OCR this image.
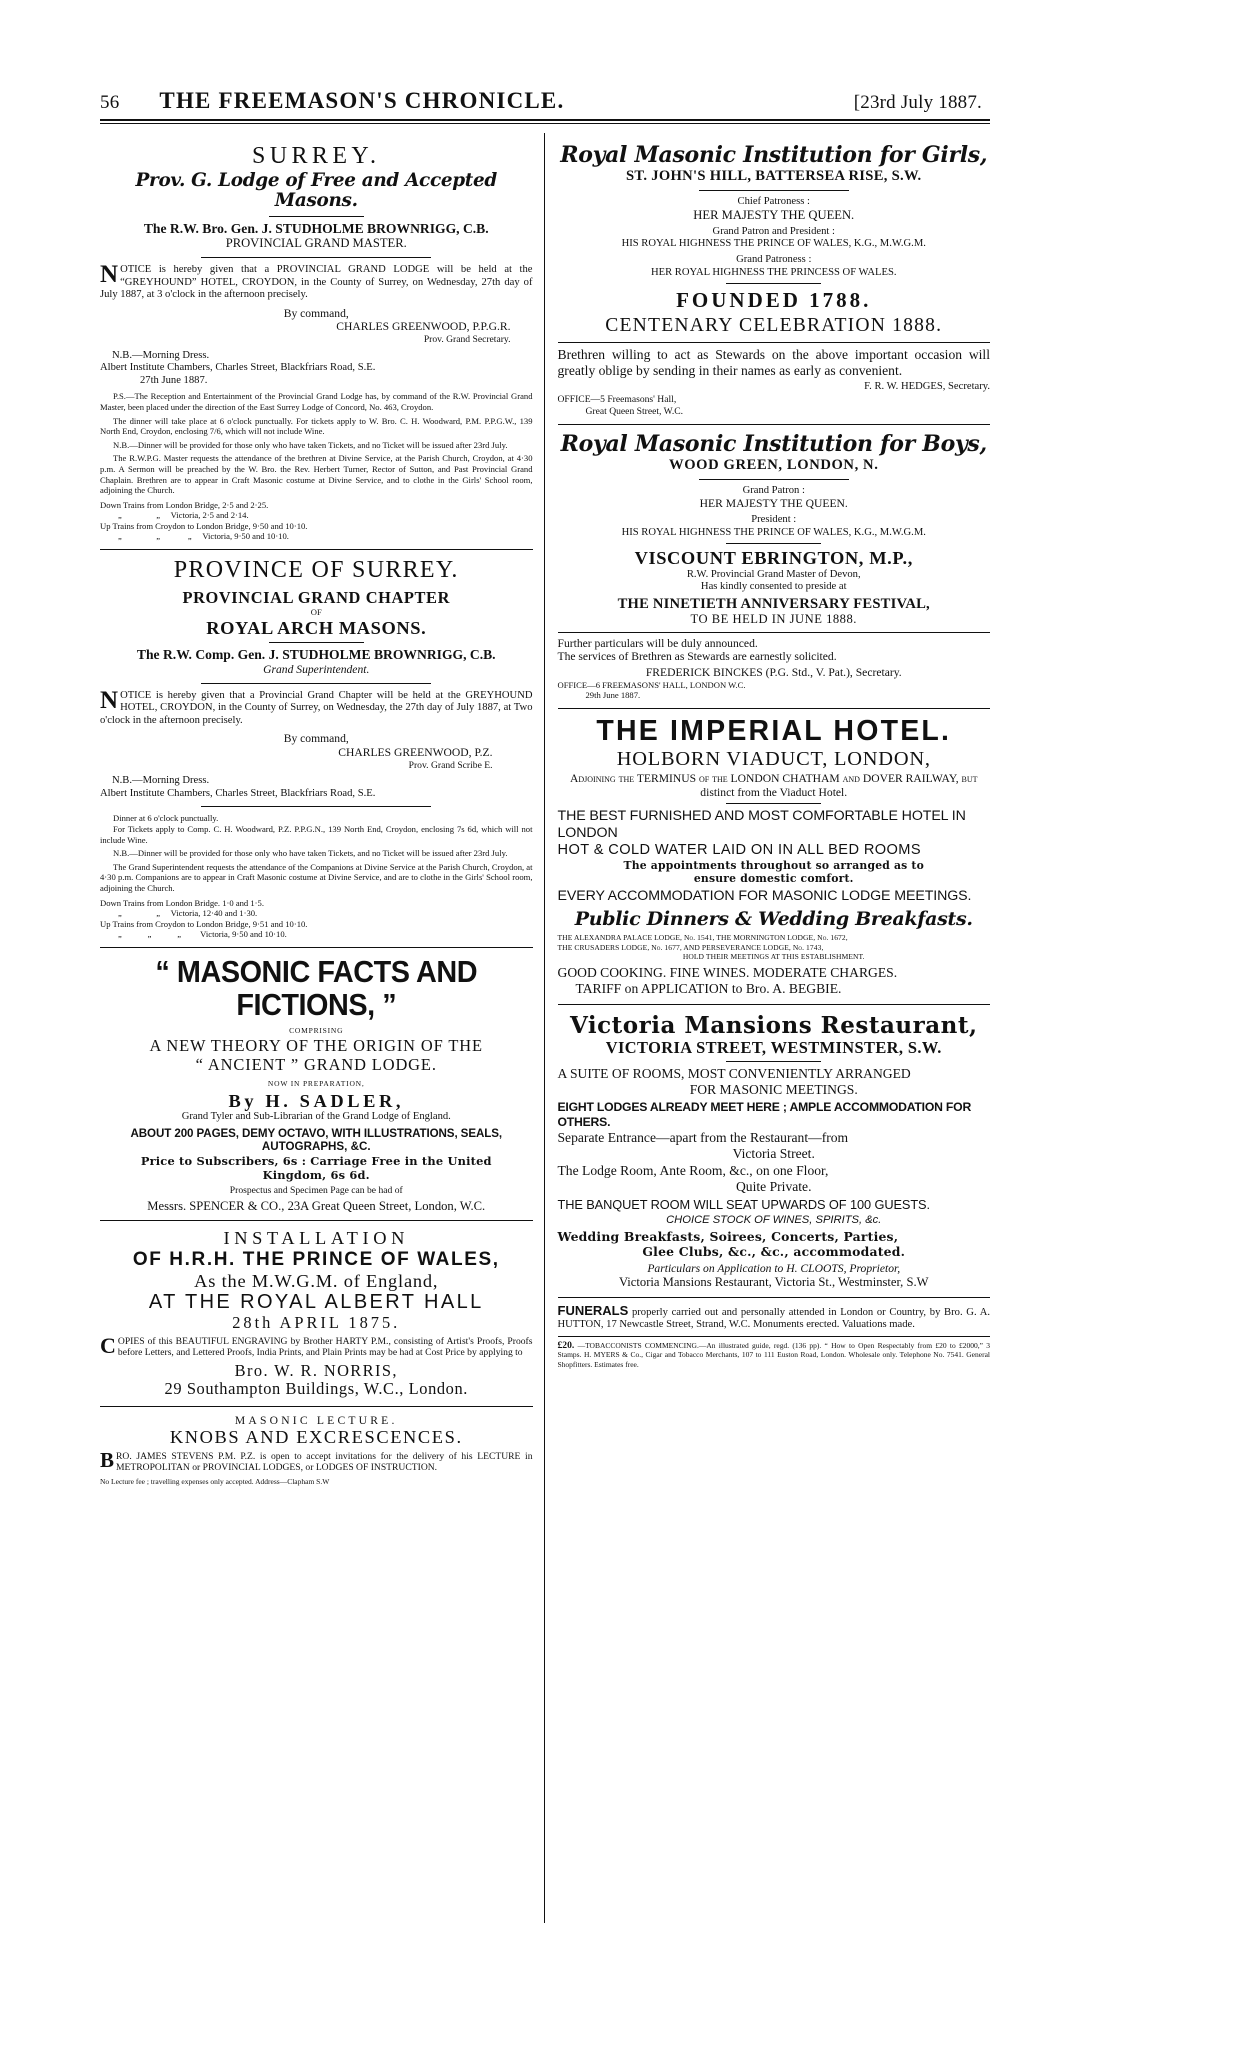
56 THE FREEMASON'S CHRONICLE.	[23rd July 1887.
SURREY.
Prov. G. Lodge of Free and Accepted Masons.
The R.W. Bro. Gen. J. STUDHOLME BROWNRIGG, C.B.
PROVINCIAL GRAND MASTER.
N OTICE is hereby given that a PROVINCIAL GRAND LODGE will be held at the “GREYHOUND” HOTEL, CROYDON, in the County of Surrey, on Wednesday, 27th day of July 1887, at 3 o'clock in the afternoon precisely.
By command,
CHARLES GREENWOOD, P.P.G.R.
Prov. Grand Secretary.
N.B.—Morning Dress.
Albert Institute Chambers, Charles Street, Blackfriars Road, S.E.
27th June 1887.
P.S.—The Reception and Entertainment of the Provincial Grand Lodge has, by command of the R.W. Provincial Grand Master, been placed under the direction of the East Surrey Lodge of Concord, No. 463, Croydon.
The dinner will take place at 6 o'clock punctually. For tickets apply to W. Bro. C. H. Woodward, P.M. P.P.G.W., 139 North End, Croydon, enclosing 7/6, which will not include Wine.
N.B.—Dinner will be provided for those only who have taken Tickets, and no Ticket will be issued after 23rd July.
The R.W.P.G. Master requests the attendance of the brethren at Divine Service, at the Parish Church, Croydon, at 4·30 p.m. A Sermon will be preached by the W. Bro. the Rev. Herbert Turner, Rector of Sutton, and Past Provincial Grand Chaplain. Brethren are to appear in Craft Masonic costume at Divine Service, and to clothe in the Girls' School room, adjoining the Church.
Down Trains from London Bridge, 2·5 and 2·25.
„    „  Victoria, 2·5 and 2·14.
Up Trains from Croydon to London Bridge, 9·50 and 10·10.
„    „    „  Victoria, 9·50 and 10·10.
PROVINCE OF SURREY.
PROVINCIAL GRAND CHAPTER
OF
ROYAL ARCH MASONS.
The R.W. Comp. Gen. J. STUDHOLME BROWNRIGG, C.B.
Grand Superintendent.
N OTICE is hereby given that a Provincial Grand Chapter will be held at the GREYHOUND HOTEL, CROYDON, in the County of Surrey, on Wednesday, the 27th day of July 1887, at Two o'clock in the afternoon precisely.
By command,
CHARLES GREENWOOD, P.Z.
Prov. Grand Scribe E.
N.B.—Morning Dress.
Albert Institute Chambers, Charles Street, Blackfriars Road, S.E.
Dinner at 6 o'clock punctually.
For Tickets apply to Comp. C. H. Woodward, P.Z. P.P.G.N., 139 North End, Croydon, enclosing 7s 6d, which will not include Wine.
N.B.—Dinner will be provided for those only who have taken Tickets, and no Ticket will be issued after 23rd July.
The Grand Superintendent requests the attendance of the Companions at Divine Service at the Parish Church, Croydon, at 4·30 p.m. Companions are to appear in Craft Masonic costume at Divine Service, and are to clothe in the Girls' School room, adjoining the Church.
Down Trains from London Bridge. 1·0 and 1·5.
„    „  Victoria, 12·40 and 1·30.
Up Trains from Croydon to London Bridge, 9·51 and 10·10.
„   „   „   Victoria, 9·50 and 10·10.
“ MASONIC FACTS AND FICTIONS, ”
COMPRISING
A NEW THEORY OF THE ORIGIN OF THE
“ ANCIENT ” GRAND LODGE.
NOW IN PREPARATION,
By H. SADLER,
Grand Tyler and Sub-Librarian of the Grand Lodge of England.
ABOUT 200 PAGES, DEMY OCTAVO, WITH ILLUSTRATIONS, SEALS,
AUTOGRAPHS, &C.
Price to Subscribers, 6s : Carriage Free in the United
Kingdom, 6s 6d.
Prospectus and Specimen Page can be had of
Messrs. SPENCER & CO., 23A Great Queen Street, London, W.C.
INSTALLATION
OF H.R.H. THE PRINCE OF WALES,
As the M.W.G.M. of England,
AT THE ROYAL ALBERT HALL
28th APRIL 1875.
C OPIES of this BEAUTIFUL ENGRAVING by Brother HARTY P.M., consisting of Artist's Proofs, Proofs before Letters, and Lettered Proofs, India Prints, and Plain Prints may be had at Cost Price by applying to
Bro. W. R. NORRIS,
29 Southampton Buildings, W.C., London.
MASONIC LECTURE.
KNOBS AND EXCRESCENCES.
B RO. JAMES STEVENS P.M. P.Z. is open to accept invitations for the delivery of his LECTURE in METROPOLITAN or PROVINCIAL LODGES, or LODGES OF INSTRUCTION.
No Lecture fee ; travelling expenses only accepted. Address—Clapham S.W
Royal Masonic Institution for Girls,
ST. JOHN'S HILL, BATTERSEA RISE, S.W.
Chief Patroness :
HER MAJESTY THE QUEEN.
Grand Patron and President :
HIS ROYAL HIGHNESS THE PRINCE OF WALES, K.G., M.W.G.M.
Grand Patroness :
HER ROYAL HIGHNESS THE PRINCESS OF WALES.
FOUNDED 1788.
CENTENARY CELEBRATION 1888.
Brethren willing to act as Stewards on the above important occasion will greatly oblige by sending in their names as early as convenient.
F. R. W. HEDGES, Secretary.
OFFICE—5 Freemasons' Hall,
Great Queen Street, W.C.
Royal Masonic Institution for Boys,
WOOD GREEN, LONDON, N.
Grand Patron :
HER MAJESTY THE QUEEN.
President :
HIS ROYAL HIGHNESS THE PRINCE OF WALES, K.G., M.W.G.M.
VISCOUNT EBRINGTON, M.P.,
R.W. Provincial Grand Master of Devon,
Has kindly consented to preside at
THE NINETIETH ANNIVERSARY FESTIVAL,
TO BE HELD IN JUNE 1888.
Further particulars will be duly announced.
The services of Brethren as Stewards are earnestly solicited.
FREDERICK BINCKES (P.G. Std., V. Pat.), Secretary.
OFFICE—6 FREEMASONS' HALL, LONDON W.C.
29th June 1887.
THE IMPERIAL HOTEL.
HOLBORN VIADUCT, LONDON,
Adjoining the TERMINUS of the LONDON CHATHAM and DOVER RAILWAY, but
distinct from the Viaduct Hotel.
THE BEST FURNISHED AND MOST COMFORTABLE HOTEL IN LONDON
HOT & COLD WATER LAID ON IN ALL BED ROOMS
The appointments throughout so arranged as to
ensure domestic comfort.
EVERY ACCOMMODATION FOR MASONIC LODGE MEETINGS.
Public Dinners & Wedding Breakfasts.
THE ALEXANDRA PALACE LODGE, No. 1541, THE MORNINGTON LODGE, No. 1672,
THE CRUSADERS LODGE, No. 1677, AND PERSEVERANCE LODGE, No. 1743,
HOLD THEIR MEETINGS AT THIS ESTABLISHMENT.
GOOD COOKING. FINE WINES. MODERATE CHARGES.
TARIFF on APPLICATION to Bro. A. BEGBIE.
Victoria Mansions Restaurant,
VICTORIA STREET, WESTMINSTER, S.W.
A SUITE OF ROOMS, MOST CONVENIENTLY ARRANGED
FOR MASONIC MEETINGS.
EIGHT LODGES ALREADY MEET HERE ; AMPLE ACCOMMODATION FOR OTHERS.
Separate Entrance—apart from the Restaurant—from
Victoria Street.
The Lodge Room, Ante Room, &c., on one Floor,
Quite Private.
THE BANQUET ROOM WILL SEAT UPWARDS OF 100 GUESTS.
CHOICE STOCK OF WINES, SPIRITS, &c.
Wedding Breakfasts, Soirees, Concerts, Parties,
Glee Clubs, &c., &c., accommodated.
Particulars on Application to H. CLOOTS, Proprietor,
Victoria Mansions Restaurant, Victoria St., Westminster, S.W
FUNERALS properly carried out and personally attended in London or Country, by Bro. G. A. HUTTON, 17 Newcastle Street, Strand, W.C. Monuments erected. Valuations made.
£20. —TOBACCONISTS COMMENCING.—An illustrated guide, regd. (136 pp). “ How to Open Respectably from £20 to £2000,” 3 Stamps. H. MYERS & Co., Cigar and Tobacco Merchants, 107 to 111 Euston Road, London. Wholesale only. Telephone No. 7541. General Shopfitters. Estimates free.
